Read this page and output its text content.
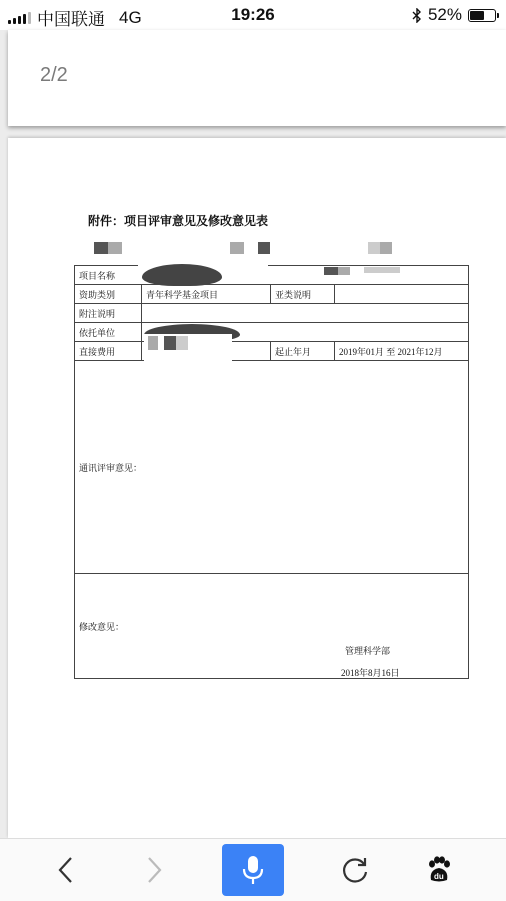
中国联通 4G	19:26	52%
2/2
附件：项目评审意见及修改意见表
项目名称			
资助类别	青年科学基金项目	亚类说明	
附注说明			
依托单位			
直接费用		起止年月	2019年01月 至 2021年12月
通讯评审意见：			
修改意见：
管理科学部
2018年8月16日			
du
